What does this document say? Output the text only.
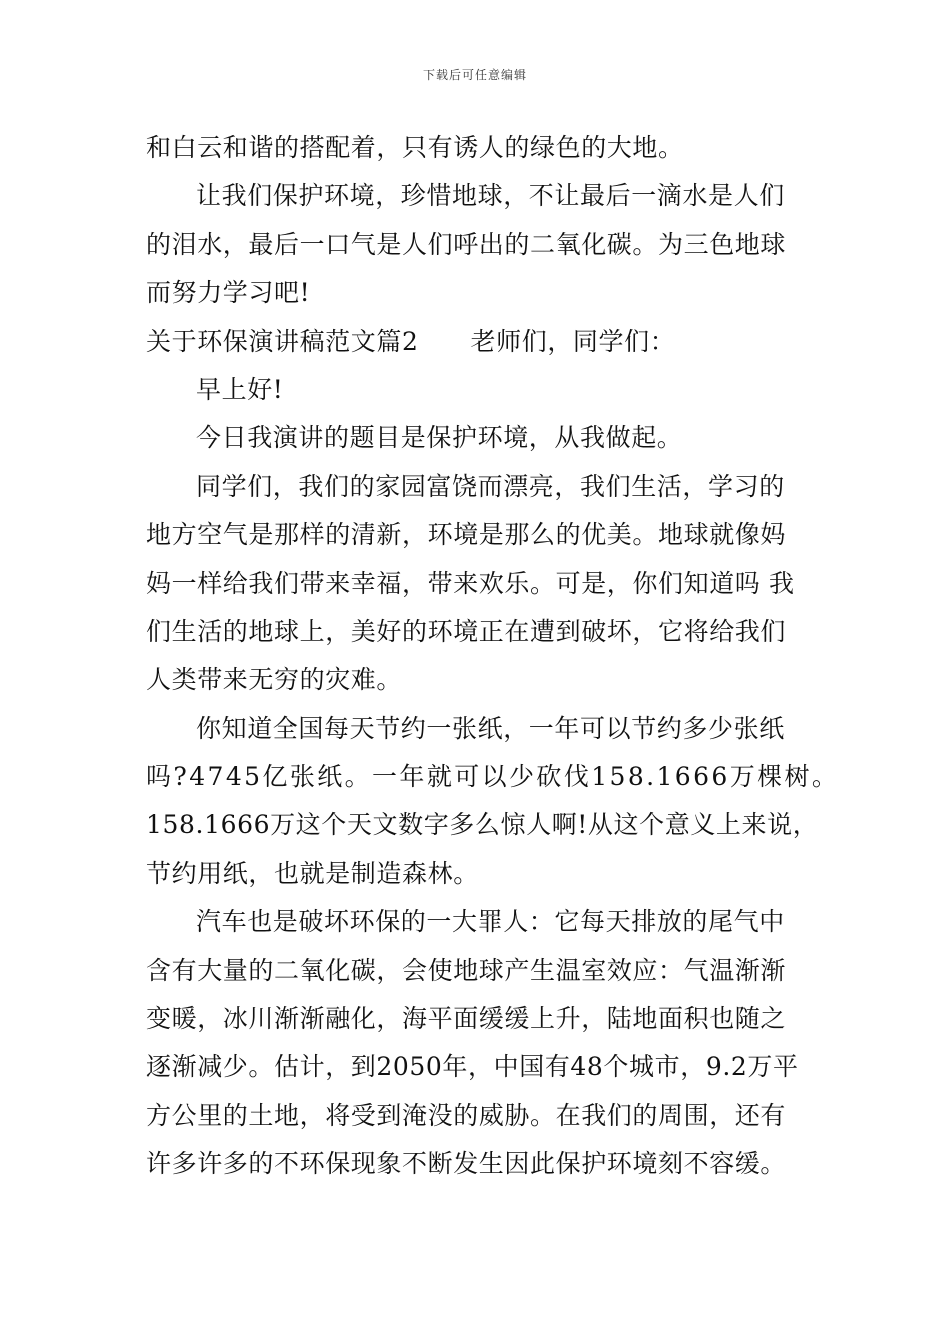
下载后可任意编辑
和白云和谐的搭配着，只有诱人的绿色的大地。
让我们保护环境，珍惜地球，不让最后一滴水是人们
的泪水，最后一口气是人们呼出的二氧化碳。为三色地球
而努力学习吧!
关于环保演讲稿范文篇2 老师们，同学们：
早上好!
今日我演讲的题目是保护环境，从我做起。
同学们，我们的家园富饶而漂亮，我们生活，学习的
地方空气是那样的清新，环境是那么的优美。地球就像妈
妈一样给我们带来幸福，带来欢乐。可是，你们知道吗 我
们生活的地球上，美好的环境正在遭到破坏，它将给我们
人类带来无穷的灾难。
你知道全国每天节约一张纸，一年可以节约多少张纸
吗?4745亿张纸。一年就可以少砍伐158.1666万棵树。
158.1666万这个天文数字多么惊人啊!从这个意义上来说，
节约用纸，也就是制造森林。
汽车也是破坏环保的一大罪人：它每天排放的尾气中
含有大量的二氧化碳，会使地球产生温室效应：气温渐渐
变暖，冰川渐渐融化，海平面缓缓上升，陆地面积也随之
逐渐减少。估计，到2050年，中国有48个城市，9.2万平
方公里的土地，将受到淹没的威胁。在我们的周围，还有
许多许多的不环保现象不断发生因此保护环境刻不容缓。
